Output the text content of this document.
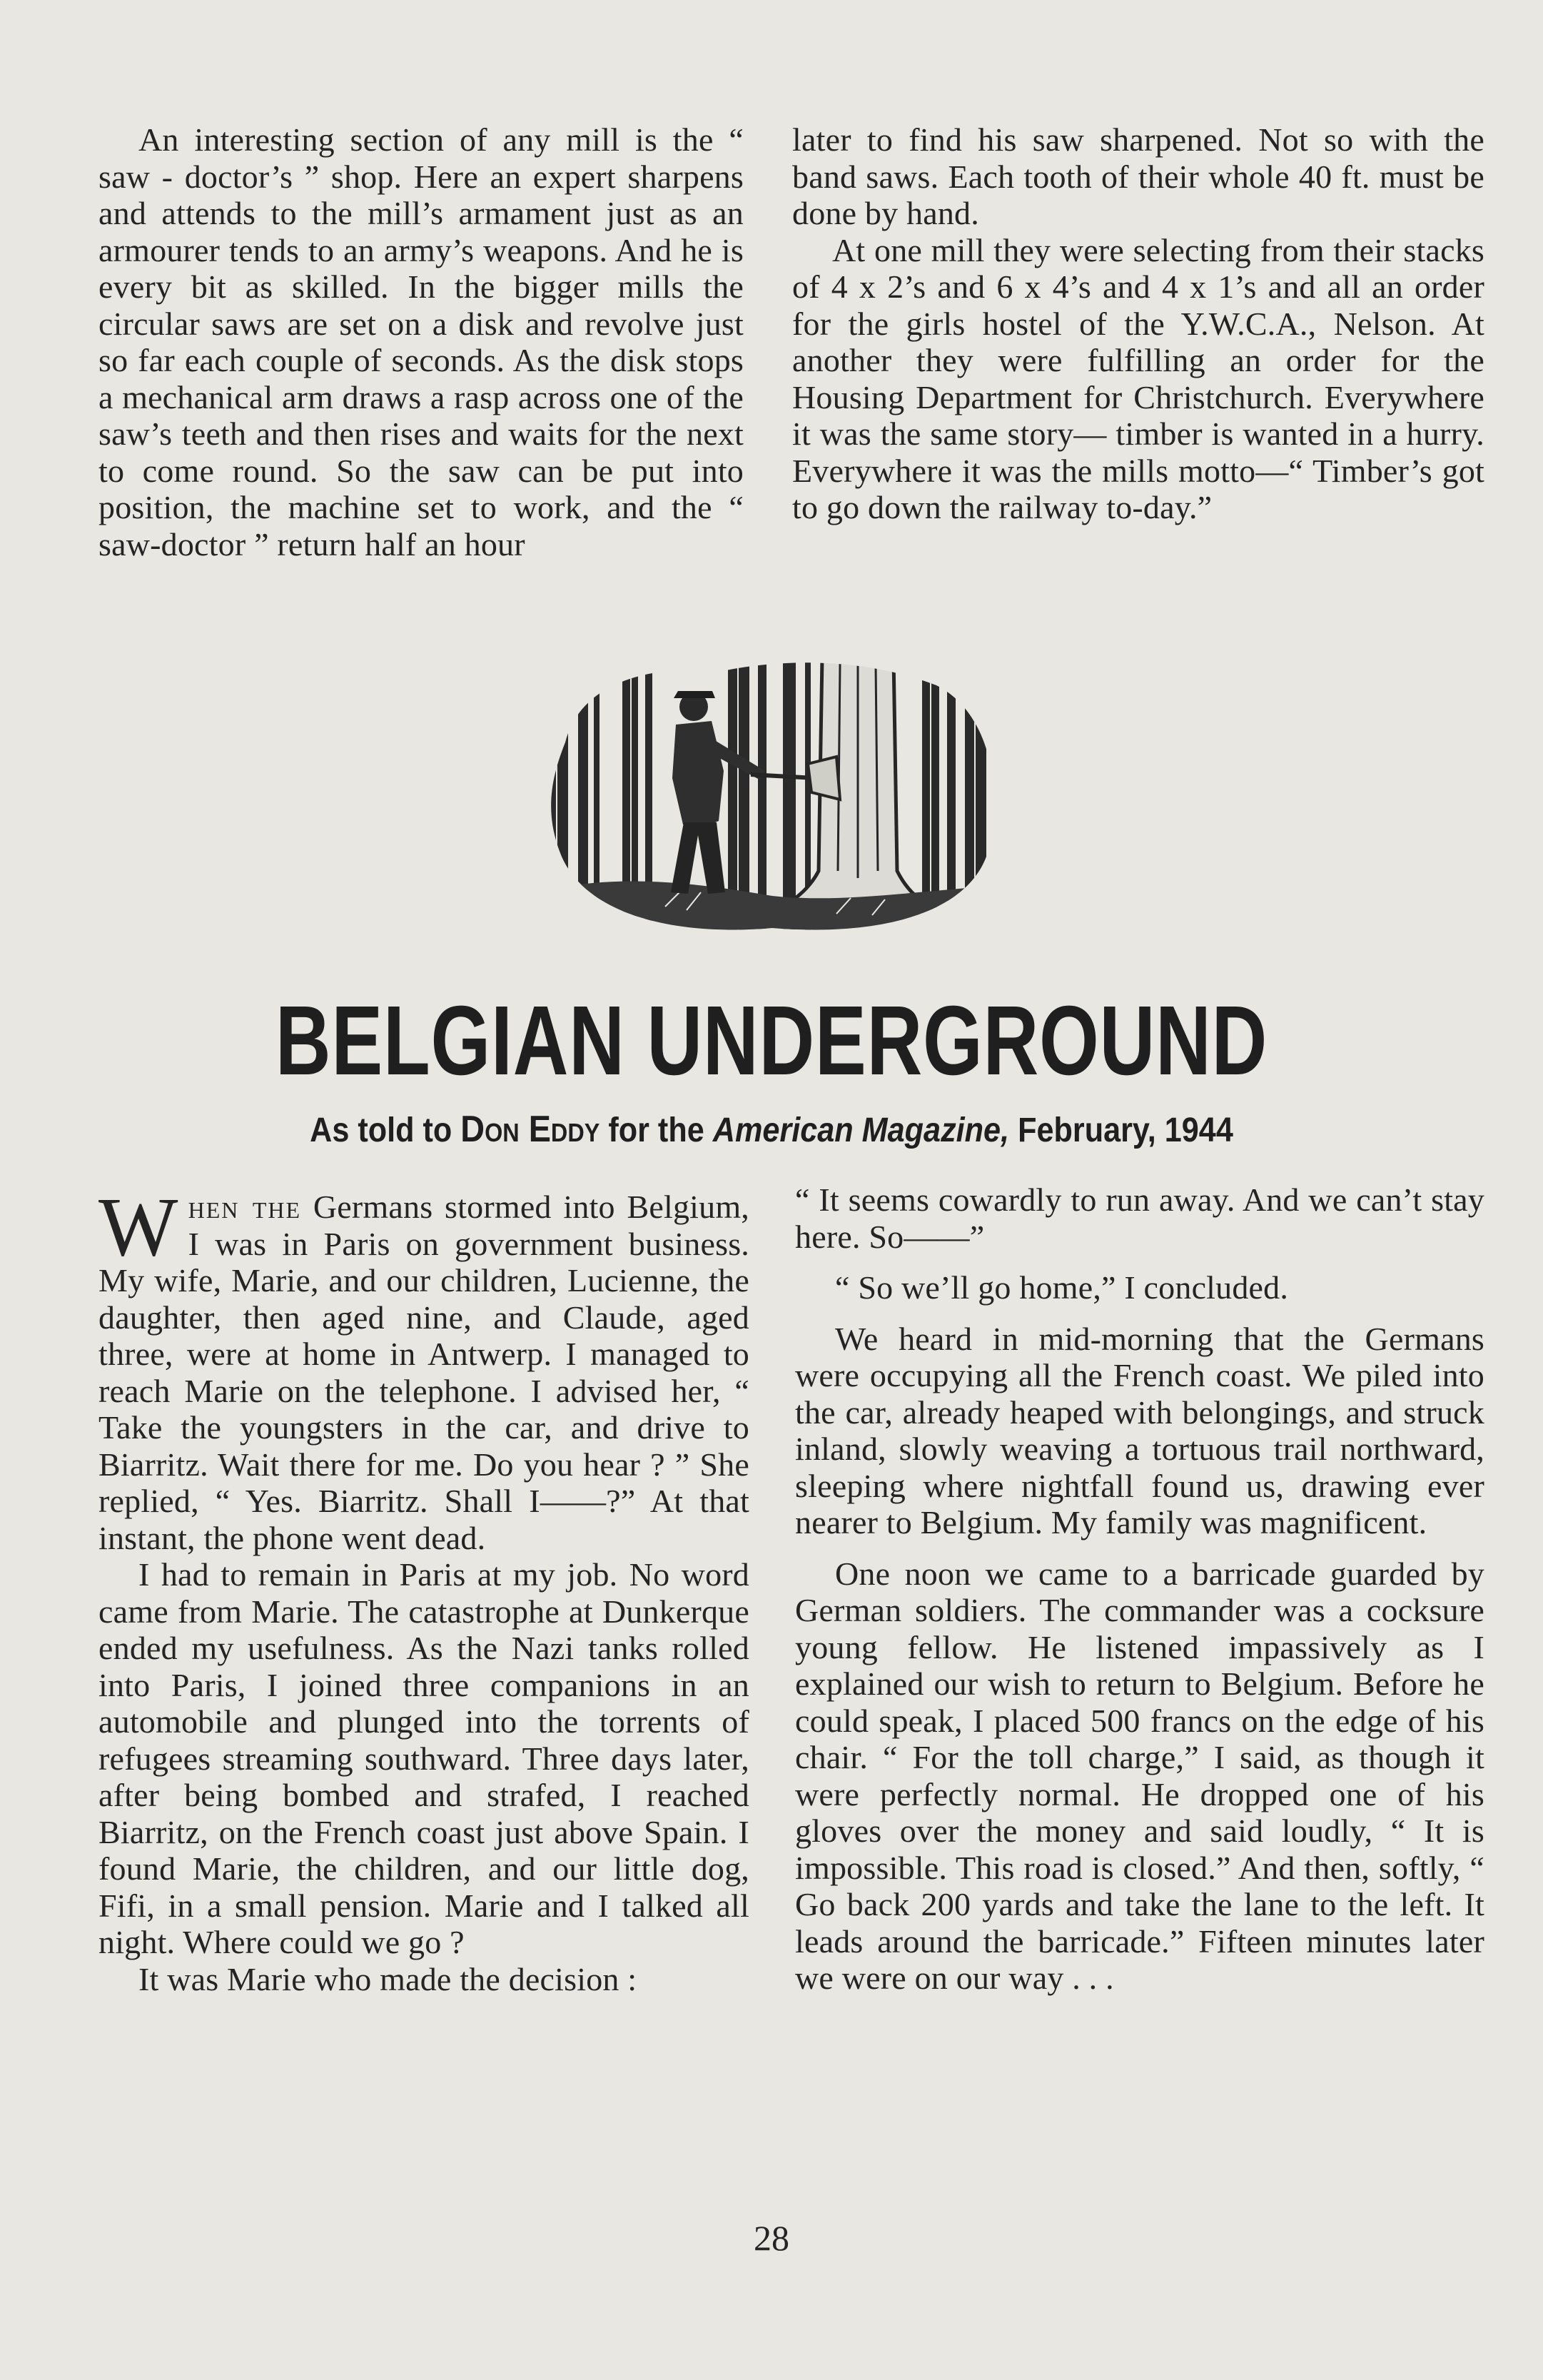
An interesting section of any mill is the “ saw - doctor’s ” shop. Here an expert sharpens and attends to the mill’s armament just as an armourer tends to an army’s weapons. And he is every bit as skilled. In the bigger mills the circular saws are set on a disk and revolve just so far each couple of seconds. As the disk stops a mechanical arm draws a rasp across one of the saw’s teeth and then rises and waits for the next to come round. So the saw can be put into position, the machine set to work, and the “ saw-doctor ” return half an hour

later to find his saw sharpened. Not so with the band saws. Each tooth of their whole 40 ft. must be done by hand.

At one mill they were selecting from their stacks of 4 x 2’s and 6 x 4’s and 4 x 1’s and all an order for the girls hostel of the Y.W.C.A., Nelson. At another they were fulfilling an order for the Housing Department for Christchurch. Everywhere it was the same story— timber is wanted in a hurry. Everywhere it was the mills motto—“ Timber’s got to go down the railway to-day.”

BELGIAN UNDERGROUND
As told to Don Eddy for the American Magazine, February, 1944

When the Germans stormed into Belgium, I was in Paris on government business. My wife, Marie, and our children, Lucienne, the daughter, then aged nine, and Claude, aged three, were at home in Antwerp. I managed to reach Marie on the telephone. I advised her, “ Take the youngsters in the car, and drive to Biarritz. Wait there for me. Do you hear ? ” She replied, “ Yes. Biarritz. Shall I——?” At that instant, the phone went dead.

I had to remain in Paris at my job. No word came from Marie. The catastrophe at Dunkerque ended my usefulness. As the Nazi tanks rolled into Paris, I joined three companions in an automobile and plunged into the torrents of refugees streaming southward. Three days later, after being bombed and strafed, I reached Biarritz, on the French coast just above Spain. I found Marie, the children, and our little dog, Fifi, in a small pension. Marie and I talked all night. Where could we go ?

It was Marie who made the decision :

“ It seems cowardly to run away. And we can’t stay here. So——”

“ So we’ll go home,” I concluded.

We heard in mid-morning that the Germans were occupying all the French coast. We piled into the car, already heaped with belongings, and struck inland, slowly weaving a tortuous trail northward, sleeping where nightfall found us, drawing ever nearer to Belgium. My family was magnificent.

One noon we came to a barricade guarded by German soldiers. The commander was a cocksure young fellow. He listened impassively as I explained our wish to return to Belgium. Before he could speak, I placed 500 francs on the edge of his chair. “ For the toll charge,” I said, as though it were perfectly normal. He dropped one of his gloves over the money and said loudly, “ It is impossible. This road is closed.” And then, softly, “ Go back 200 yards and take the lane to the left. It leads around the barricade.” Fifteen minutes later we were on our way . . .

28
